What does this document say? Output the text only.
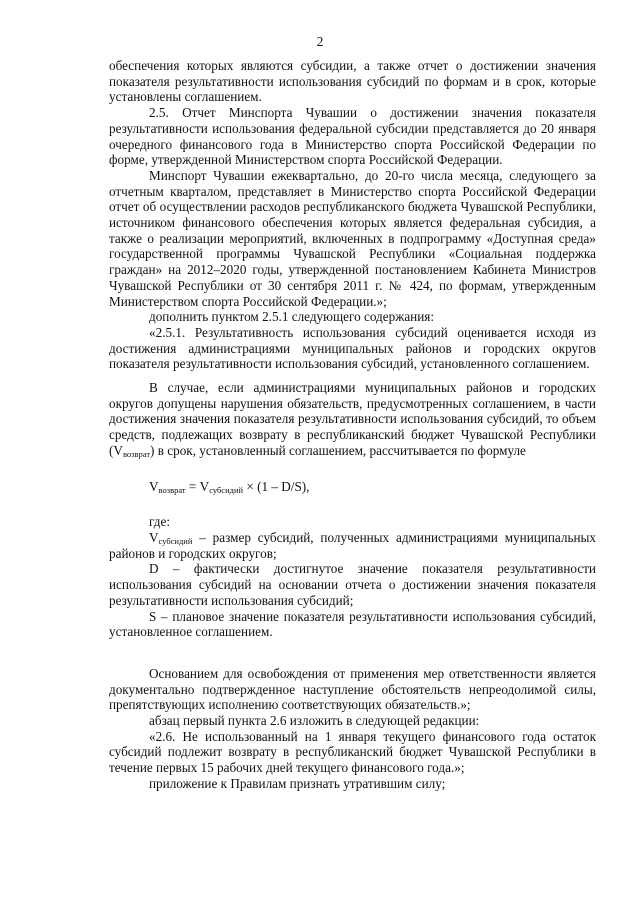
2

обеспечения которых являются субсидии, а также отчет о достижении значения показателя результативности использования субсидий по формам и в срок, которые установлены соглашением.

2.5. Отчет Минспорта Чувашии о достижении значения показателя результативности использования федеральной субсидии представляется до 20 января очередного финансового года в Министерство спорта Российской Федерации по форме, утвержденной Министерством спорта Российской Федерации.

Минспорт Чувашии ежеквартально, до 20-го числа месяца, следующего за отчетным кварталом, представляет в Министерство спорта Российской Федерации отчет об осуществлении расходов республиканского бюджета Чувашской Республики, источником финансового обеспечения которых является федеральная субсидия, а также о реализации мероприятий, включенных в подпрограмму «Доступная среда» государственной программы Чувашской Республики «Социальная поддержка граждан» на 2012–2020 годы, утвержденной постановлением Кабинета Министров Чувашской Республики от 30 сентября 2011 г. № 424, по формам, утвержденным Министерством спорта Российской Федерации.»;

дополнить пунктом 2.5.1 следующего содержания:

«2.5.1. Результативность использования субсидий оценивается исходя из достижения администрациями муниципальных районов и городских округов показателя результативности использования субсидий, установленного соглашением.

В случае, если администрациями муниципальных районов и городских округов допущены нарушения обязательств, предусмотренных соглашением, в части достижения значения показателя результативности использования субсидий, то объем средств, подлежащих возврату в республиканский бюджет Чувашской Республики $(V_{возврат})$ в срок, установленный соглашением, рассчитывается по формуле

$V_{возврат} = V_{субсидий} \times (1 - D/S)$,

где:

$V_{субсидий}$ – размер субсидий, полученных администрациями муниципальных районов и городских округов;

D – фактически достигнутое значение показателя результативности использования субсидий на основании отчета о достижении значения показателя результативности использования субсидий;

S – плановое значение показателя результативности использования субсидий, установленное соглашением.

Основанием для освобождения от применения мер ответственности является документально подтвержденное наступление обстоятельств непреодолимой силы, препятствующих исполнению соответствующих обязательств.»;

абзац первый пункта 2.6 изложить в следующей редакции:

«2.6. Не использованный на 1 января текущего финансового года остаток субсидий подлежит возврату в республиканский бюджет Чувашской Республики в течение первых 15 рабочих дней текущего финансового года.»;

приложение к Правилам признать утратившим силу;
